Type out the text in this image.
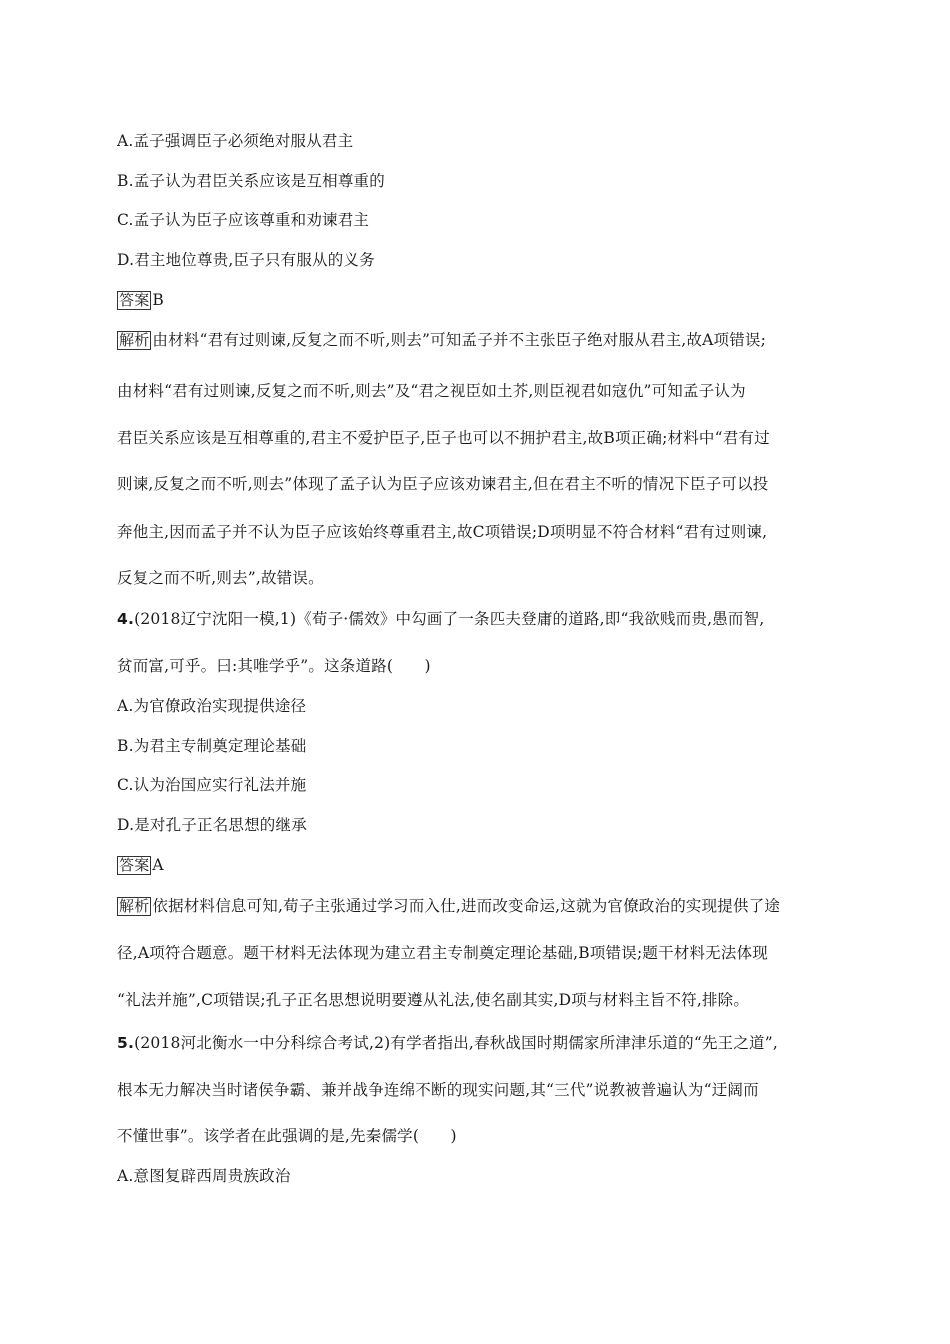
A.孟子强调臣子必须绝对服从君主
B.孟子认为君臣关系应该是互相尊重的
C.孟子认为臣子应该尊重和劝谏君主
D.君主地位尊贵,臣子只有服从的义务
答案 B
解析 由材料“君有过则谏,反复之而不听,则去”可知孟子并不主张臣子绝对服从君主,故A项错误;
由材料“君有过则谏,反复之而不听,则去”及“君之视臣如土芥,则臣视君如寇仇”可知孟子认为
君臣关系应该是互相尊重的,君主不爱护臣子,臣子也可以不拥护君主,故B项正确;材料中“君有过
则谏,反复之而不听,则去”体现了孟子认为臣子应该劝谏君主,但在君主不听的情况下臣子可以投
奔他主,因而孟子并不认为臣子应该始终尊重君主,故C项错误;D项明显不符合材料“君有过则谏,
反复之而不听,则去”,故错误。
4.(2018辽宁沈阳一模,1)《荀子·儒效》中勾画了一条匹夫登庸的道路,即“我欲贱而贵,愚而智,
贫而富,可乎。曰:其唯学乎”。这条道路(　　)
A.为官僚政治实现提供途径
B.为君主专制奠定理论基础
C.认为治国应实行礼法并施
D.是对孔子正名思想的继承
答案 A
解析 依据材料信息可知,荀子主张通过学习而入仕,进而改变命运,这就为官僚政治的实现提供了途
径,A项符合题意。题干材料无法体现为建立君主专制奠定理论基础,B项错误;题干材料无法体现
“礼法并施”,C项错误;孔子正名思想说明要遵从礼法,使名副其实,D项与材料主旨不符,排除。
5.(2018河北衡水一中分科综合考试,2)有学者指出,春秋战国时期儒家所津津乐道的“先王之道”,
根本无力解决当时诸侯争霸、兼并战争连绵不断的现实问题,其“三代”说教被普遍认为“迂阔而
不懂世事”。该学者在此强调的是,先秦儒学(　　)
A.意图复辟西周贵族政治
